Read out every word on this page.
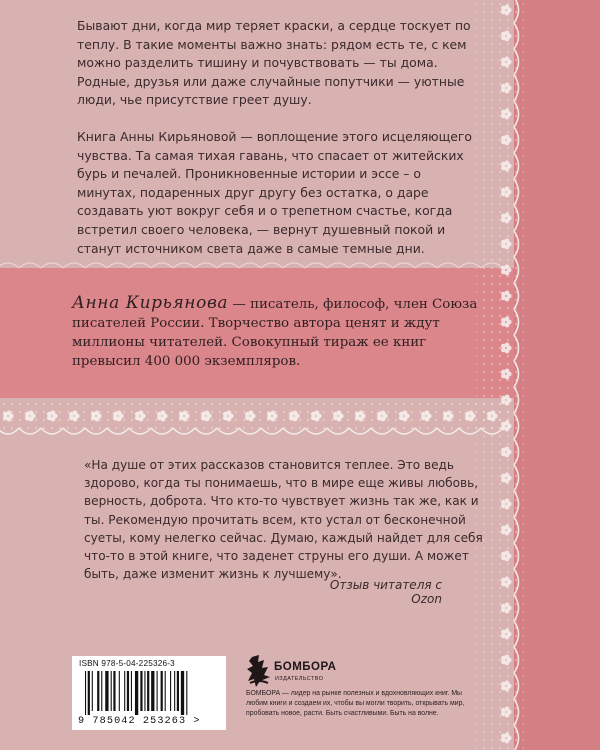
Бывают дни, когда мир теряет краски, а сердце тоскует по теплу. В такие моменты важно знать: рядом есть те, с кем можно разделить тишину и почувствовать — ты дома. Родные, друзья или даже случайные попутчики — уютные люди, чье присутствие греет душу.
Книга Анны Кирьяновой — воплощение этого исцеляющего чувства. Та самая тихая гавань, что спасает от житейских бурь и печалей. Проникновенные истории и эссе – о минутах, подаренных друг другу без остатка, о даре создавать уют вокруг себя и о трепетном счастье, когда встретил своего человека, — вернут душевный покой и станут источником света даже в самые темные дни.
Анна Кирьянова — писатель, философ, член Союза писателей России. Творчество автора ценят и ждут миллионы читателей. Совокупный тираж ее книг превысил 400 000 экземпляров.
«На душе от этих рассказов становится теплее. Это ведь здорово, когда ты понимаешь, что в мире еще живы любовь, верность, доброта. Что кто-то чувствует жизнь так же, как и ты. Рекомендую прочитать всем, кто устал от бесконечной суеты, кому нелегко сейчас. Думаю, каждый найдет для себя что-то в этой книге, что заденет струны его души. А может быть, даже изменит жизнь к лучшему».
Отзыв читателя с Ozon
ISBN 978-5-04-225326-3
9 785042 253263 >
БОМБОРА
ИЗДАТЕЛЬСТВО
БОМБОРА — лидер на рынке полезных и вдохновляющих книг. Мы любим книги и создаем их, чтобы вы могли творить, открывать мир, пробовать новое, расти. Быть счастливыми. Быть на волне.
